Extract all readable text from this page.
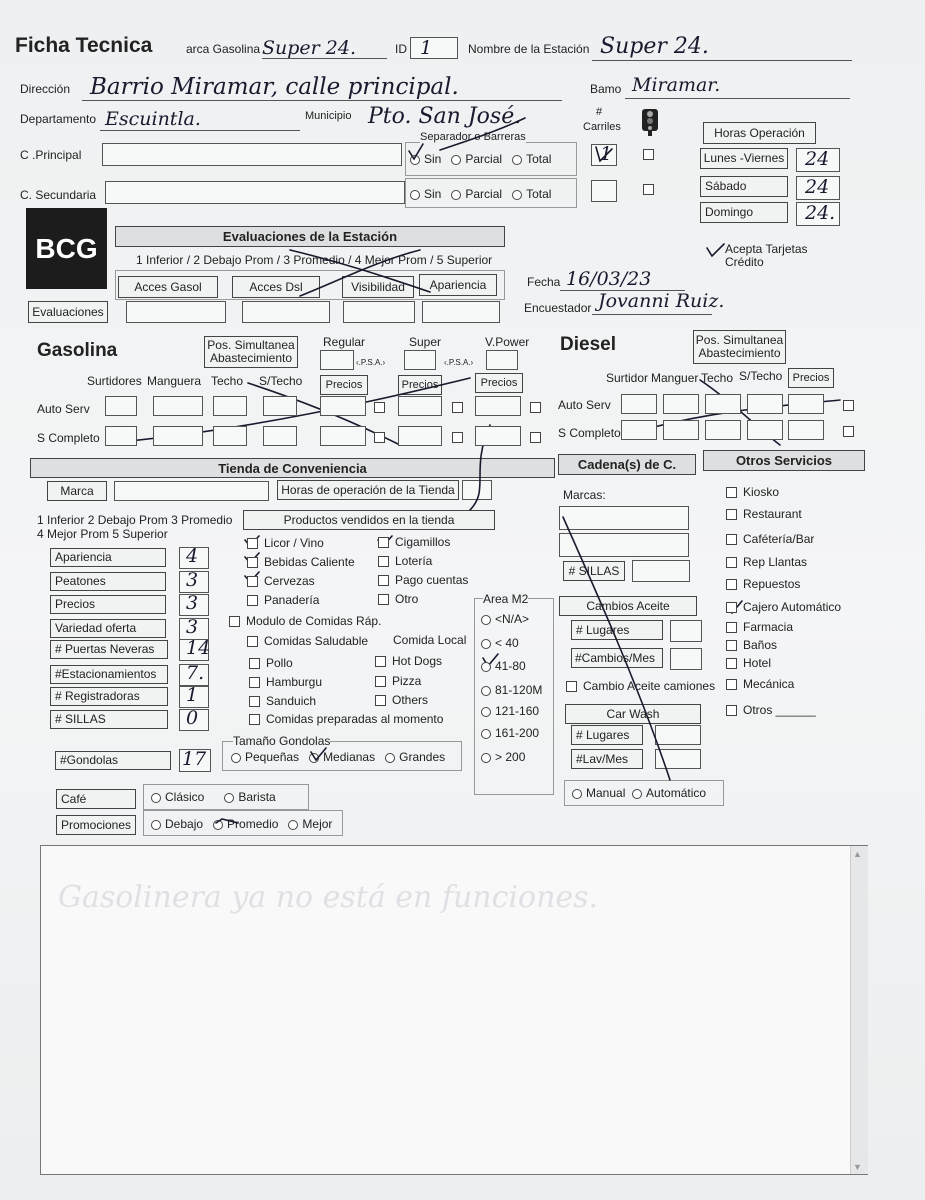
Ficha Tecnica	arca Gasolina Super 24.	ID 1	Nombre de la Estación Super 24.
Dirección Barrio Miramar, calle principal.	Bamo Miramar.
Departamento Escuintla.	Municipio Pto. San José.
C .Principal
C. Secundaria
Separador o Barreras
Sin Parcial Total
Sin Parcial Total
#
Carriles
1
Horas Operación
Lunes -Viernes 24
Sábado	24
Domingo	24.
BCG	Evaluaciones de la Estación
1 Inferior / 2 Debajo Prom / 3 Promedio / 4 Mejor Prom / 5 Superior
Acces Gasol	Acces Dsl	Visibilidad	Apariencia
Evaluaciones
Acepta Tarjetas Crédito
Fecha 16/03/23
Encuestador Jovanni Ruiz.
Gasolina	Pos. Simultanea Abastecimiento
Regular	Super	V.Power
‹.P.S.A.›	‹.P.S.A.›
Surtidores Manguera Techo S/Techo	Precios	Precios	Precios
Auto Serv
S Completo
Diesel	Pos. Simultanea Abastecimiento
Surtidor Manguer Techo S/Techo Precios
Auto Serv
S Completo
Tienda de Conveniencia	Cadena(s) de C.	Otros Servicios
Marca	Horas de operación de la Tienda
1 Inferior 2 Debajo Prom 3 Promedio
4 Mejor Prom 5 Superior
#Gondolas	17
Productos vendidos en la tienda
Modulo de Comidas Ráp.
Comidas Saludable Comida Local
Comidas preparadas al momento
Tamaño Gondolas
Pequeñas Medianas Grandes
Café	Clásico	Barista
Promociones	Debajo Promedio Mejor
Area M2
Marcas:
# SILLAS
Cambios Aceite
# Lugares
#Cambios/Mes
Cambio Aceite camiones
Car Wash
# Lugares
#Lav/Mes
Manual Automático
▲
▼
Gasolinera ya no está en funciones.
Apariencia	4
Peatones	3
Precios	3
Variedad oferta	3
# Puertas Neveras	14
#Estacionamientos	7.
# Registradoras	1
# SILLAS	0
Licor / Vino	Cigamillos
Bebidas Caliente	Lotería
Cervezas	Pago cuentas
Panadería	Otro
Pollo	Hot Dogs
Hamburgu	Pizza
Sanduich	Others
<N/A>
< 40
41-80
81-120M
121-160
161-200
> 200
Kiosko
Restaurant
Cafétería/Bar
Rep Llantas
Repuestos
Cajero Automático
Farmacia
Baños
Hotel
Mecánica
Otros ______
